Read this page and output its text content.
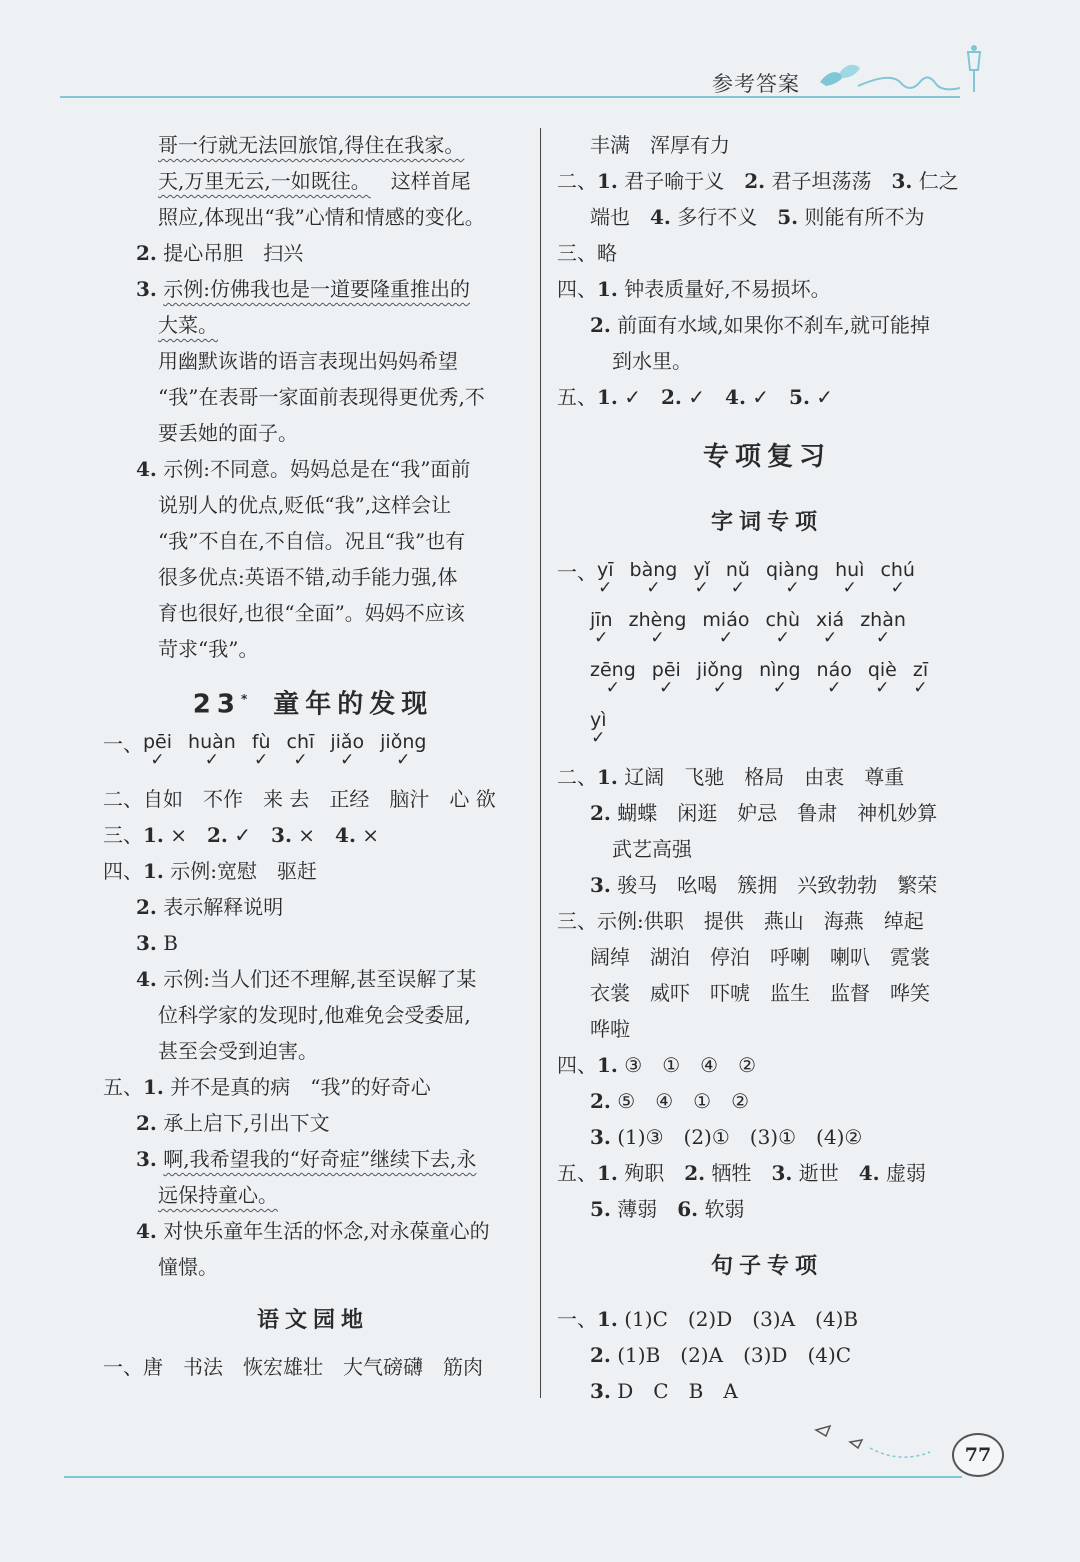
参考答案
哥一行就无法回旅馆,得住在我家。
天,万里无云,一如既往。 这样首尾
照应,体现出“我”心情和情感的变化。
2. 提心吊胆 扫兴
3. 示例:仿佛我也是一道要隆重推出的
大菜。
用幽默诙谐的语言表现出妈妈希望
“我”在表哥一家面前表现得更优秀,不
要丢她的面子。
4. 示例:不同意。妈妈总是在“我”面前
说别人的优点,贬低“我”,这样会让
“我”不自在,不自信。况且“我”也有
很多优点:英语不错,动手能力强,体
育也很好,也很“全面”。妈妈不应该
苛求“我”。
23* 童年的发现
一、 pēi
✓
huàn
✓
fù
✓
chī
✓
jiǎo
✓
jiǒng
✓
二、自如 不作 来 去 正经 脑汁 心 欲
三、1. × 2. ✓ 3. × 4. ×
四、1. 示例:宽慰 驱赶
2. 表示解释说明
3. B
4. 示例:当人们还不理解,甚至误解了某
位科学家的发现时,他难免会受委屈,
甚至会受到迫害。
五、1. 并不是真的病 “我”的好奇心
2. 承上启下,引出下文
3. 啊,我希望我的“好奇症”继续下去,永
远保持童心。
4. 对快乐童年生活的怀念,对永葆童心的
憧憬。
语文园地
一、唐 书法 恢宏雄壮 大气磅礴 筋肉
丰满 浑厚有力
二、1. 君子喻于义 2. 君子坦荡荡 3. 仁之
端也 4. 多行不义 5. 则能有所不为
三、略
四、1. 钟表质量好,不易损坏。
2. 前面有水域,如果你不刹车,就可能掉
到水里。
五、1. ✓ 2. ✓ 4. ✓ 5. ✓
专项复习
字词专项
一、 yī
✓
bàng
✓
yǐ
✓
nǔ
✓
qiàng
✓
huì
✓
chú
✓
jīn
✓
zhèng
✓
miáo
✓
chù
✓
xiá
✓
zhàn
✓
zēng
✓
pēi
✓
jiǒng
✓
nìng
✓
náo
✓
qiè
✓
zī
✓
yì
✓
二、1. 辽阔 飞驰 格局 由衷 尊重
2. 蝴蝶 闲逛 妒忌 鲁肃 神机妙算
武艺高强
3. 骏马 吆喝 簇拥 兴致勃勃 繁荣
三、示例:供职 提供 燕山 海燕 绰起
阔绰 湖泊 停泊 呼喇 喇叭 霓裳
衣裳 威吓 吓唬 监生 监督 哗笑
哗啦
四、1. ③ ① ④ ②
2. ⑤ ④ ① ②
3. (1)③ (2)① (3)① (4)②
五、1. 殉职 2. 牺牲 3. 逝世 4. 虚弱
5. 薄弱 6. 软弱
句子专项
一、1. (1)C (2)D (3)A (4)B
2. (1)B (2)A (3)D (4)C
3. D C B A
77
